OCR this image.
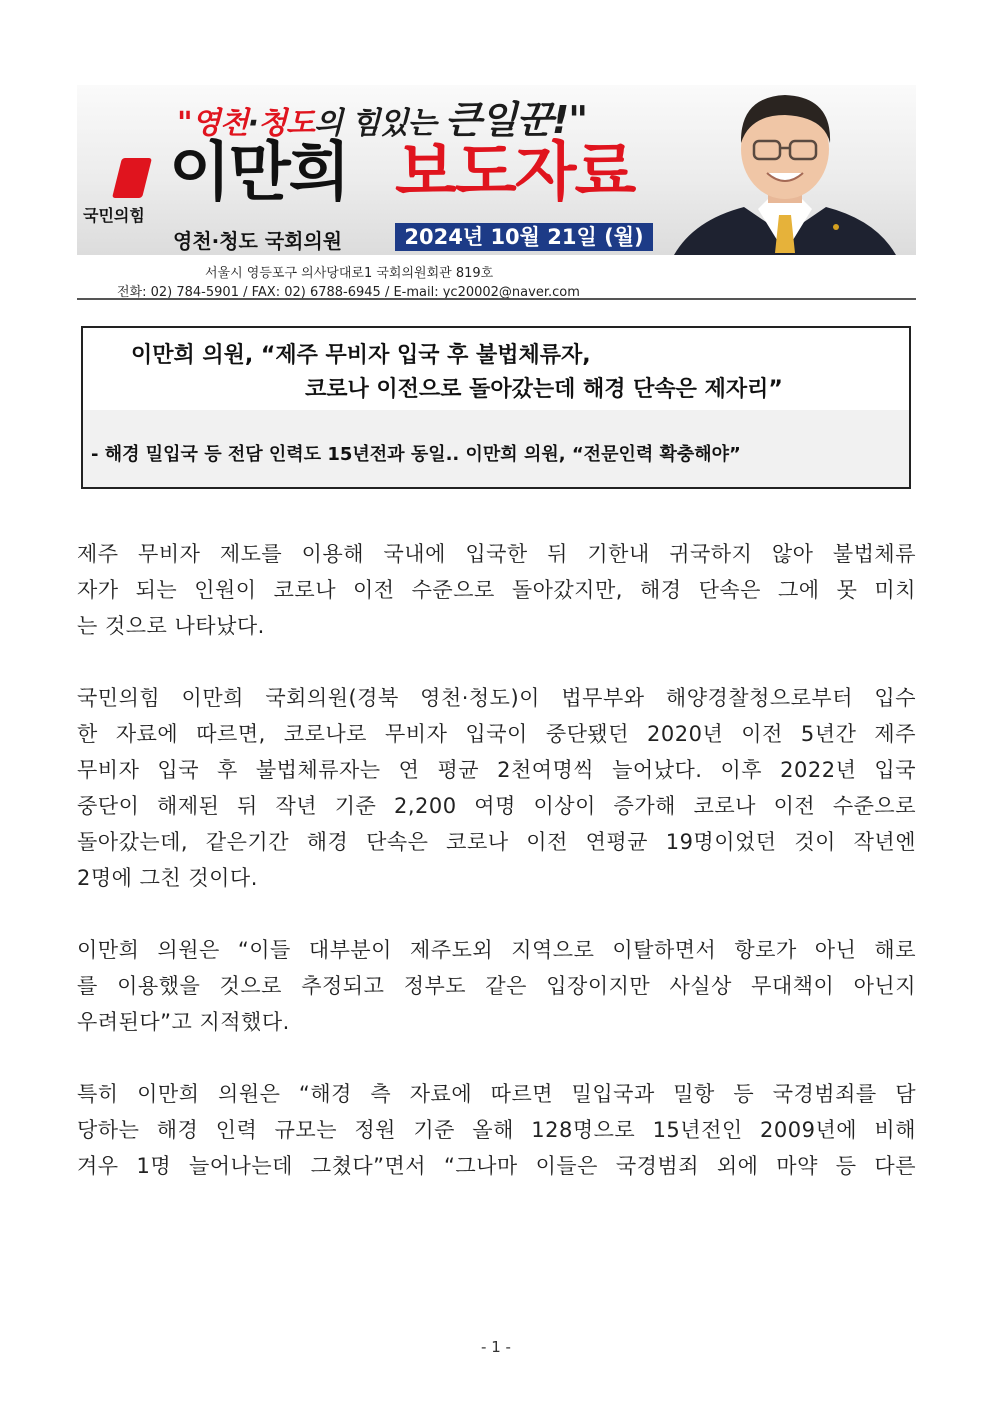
"영천·청도의 힘있는 큰일꾼!"
국민의힘
이만희 보도자료
영천·청도 국회의원	2024년 10월 21일 (월)
서울시 영등포구 의사당대로1 국회의원회관 819호
전화: 02) 784-5901 / FAX: 02) 6788-6945 / E-mail: yc20002@naver.com
이만희 의원, “제주 무비자 입국 후 불법체류자,
코로나 이전으로 돌아갔는데 해경 단속은 제자리”
- 해경 밀입국 등 전담 인력도 15년전과 동일.. 이만희 의원, “전문인력 확충해야”

제주 무비자 제도를 이용해 국내에 입국한 뒤 기한내 귀국하지 않아 불법체류
자가 되는 인원이 코로나 이전 수준으로 돌아갔지만, 해경 단속은 그에 못 미치
는 것으로 나타났다.

국민의힘 이만희 국회의원(경북 영천·청도)이 법무부와 해양경찰청으로부터 입수
한 자료에 따르면, 코로나로 무비자 입국이 중단됐던 2020년 이전 5년간 제주
무비자 입국 후 불법체류자는 연 평균 2천여명씩 늘어났다. 이후 2022년 입국
중단이 해제된 뒤 작년 기준 2,200 여명 이상이 증가해 코로나 이전 수준으로
돌아갔는데, 같은기간 해경 단속은 코로나 이전 연평균 19명이었던 것이 작년엔
2명에 그친 것이다.

이만희 의원은 “이들 대부분이 제주도외 지역으로 이탈하면서 항로가 아닌 해로
를 이용했을 것으로 추정되고 정부도 같은 입장이지만 사실상 무대책이 아닌지
우려된다”고 지적했다.

특히 이만희 의원은 “해경 측 자료에 따르면 밀입국과 밀항 등 국경범죄를 담
당하는 해경 인력 규모는 정원 기준 올해 128명으로 15년전인 2009년에 비해
겨우 1명 늘어나는데 그쳤다”면서 “그나마 이들은 국경범죄 외에 마약 등 다른

- 1 -
